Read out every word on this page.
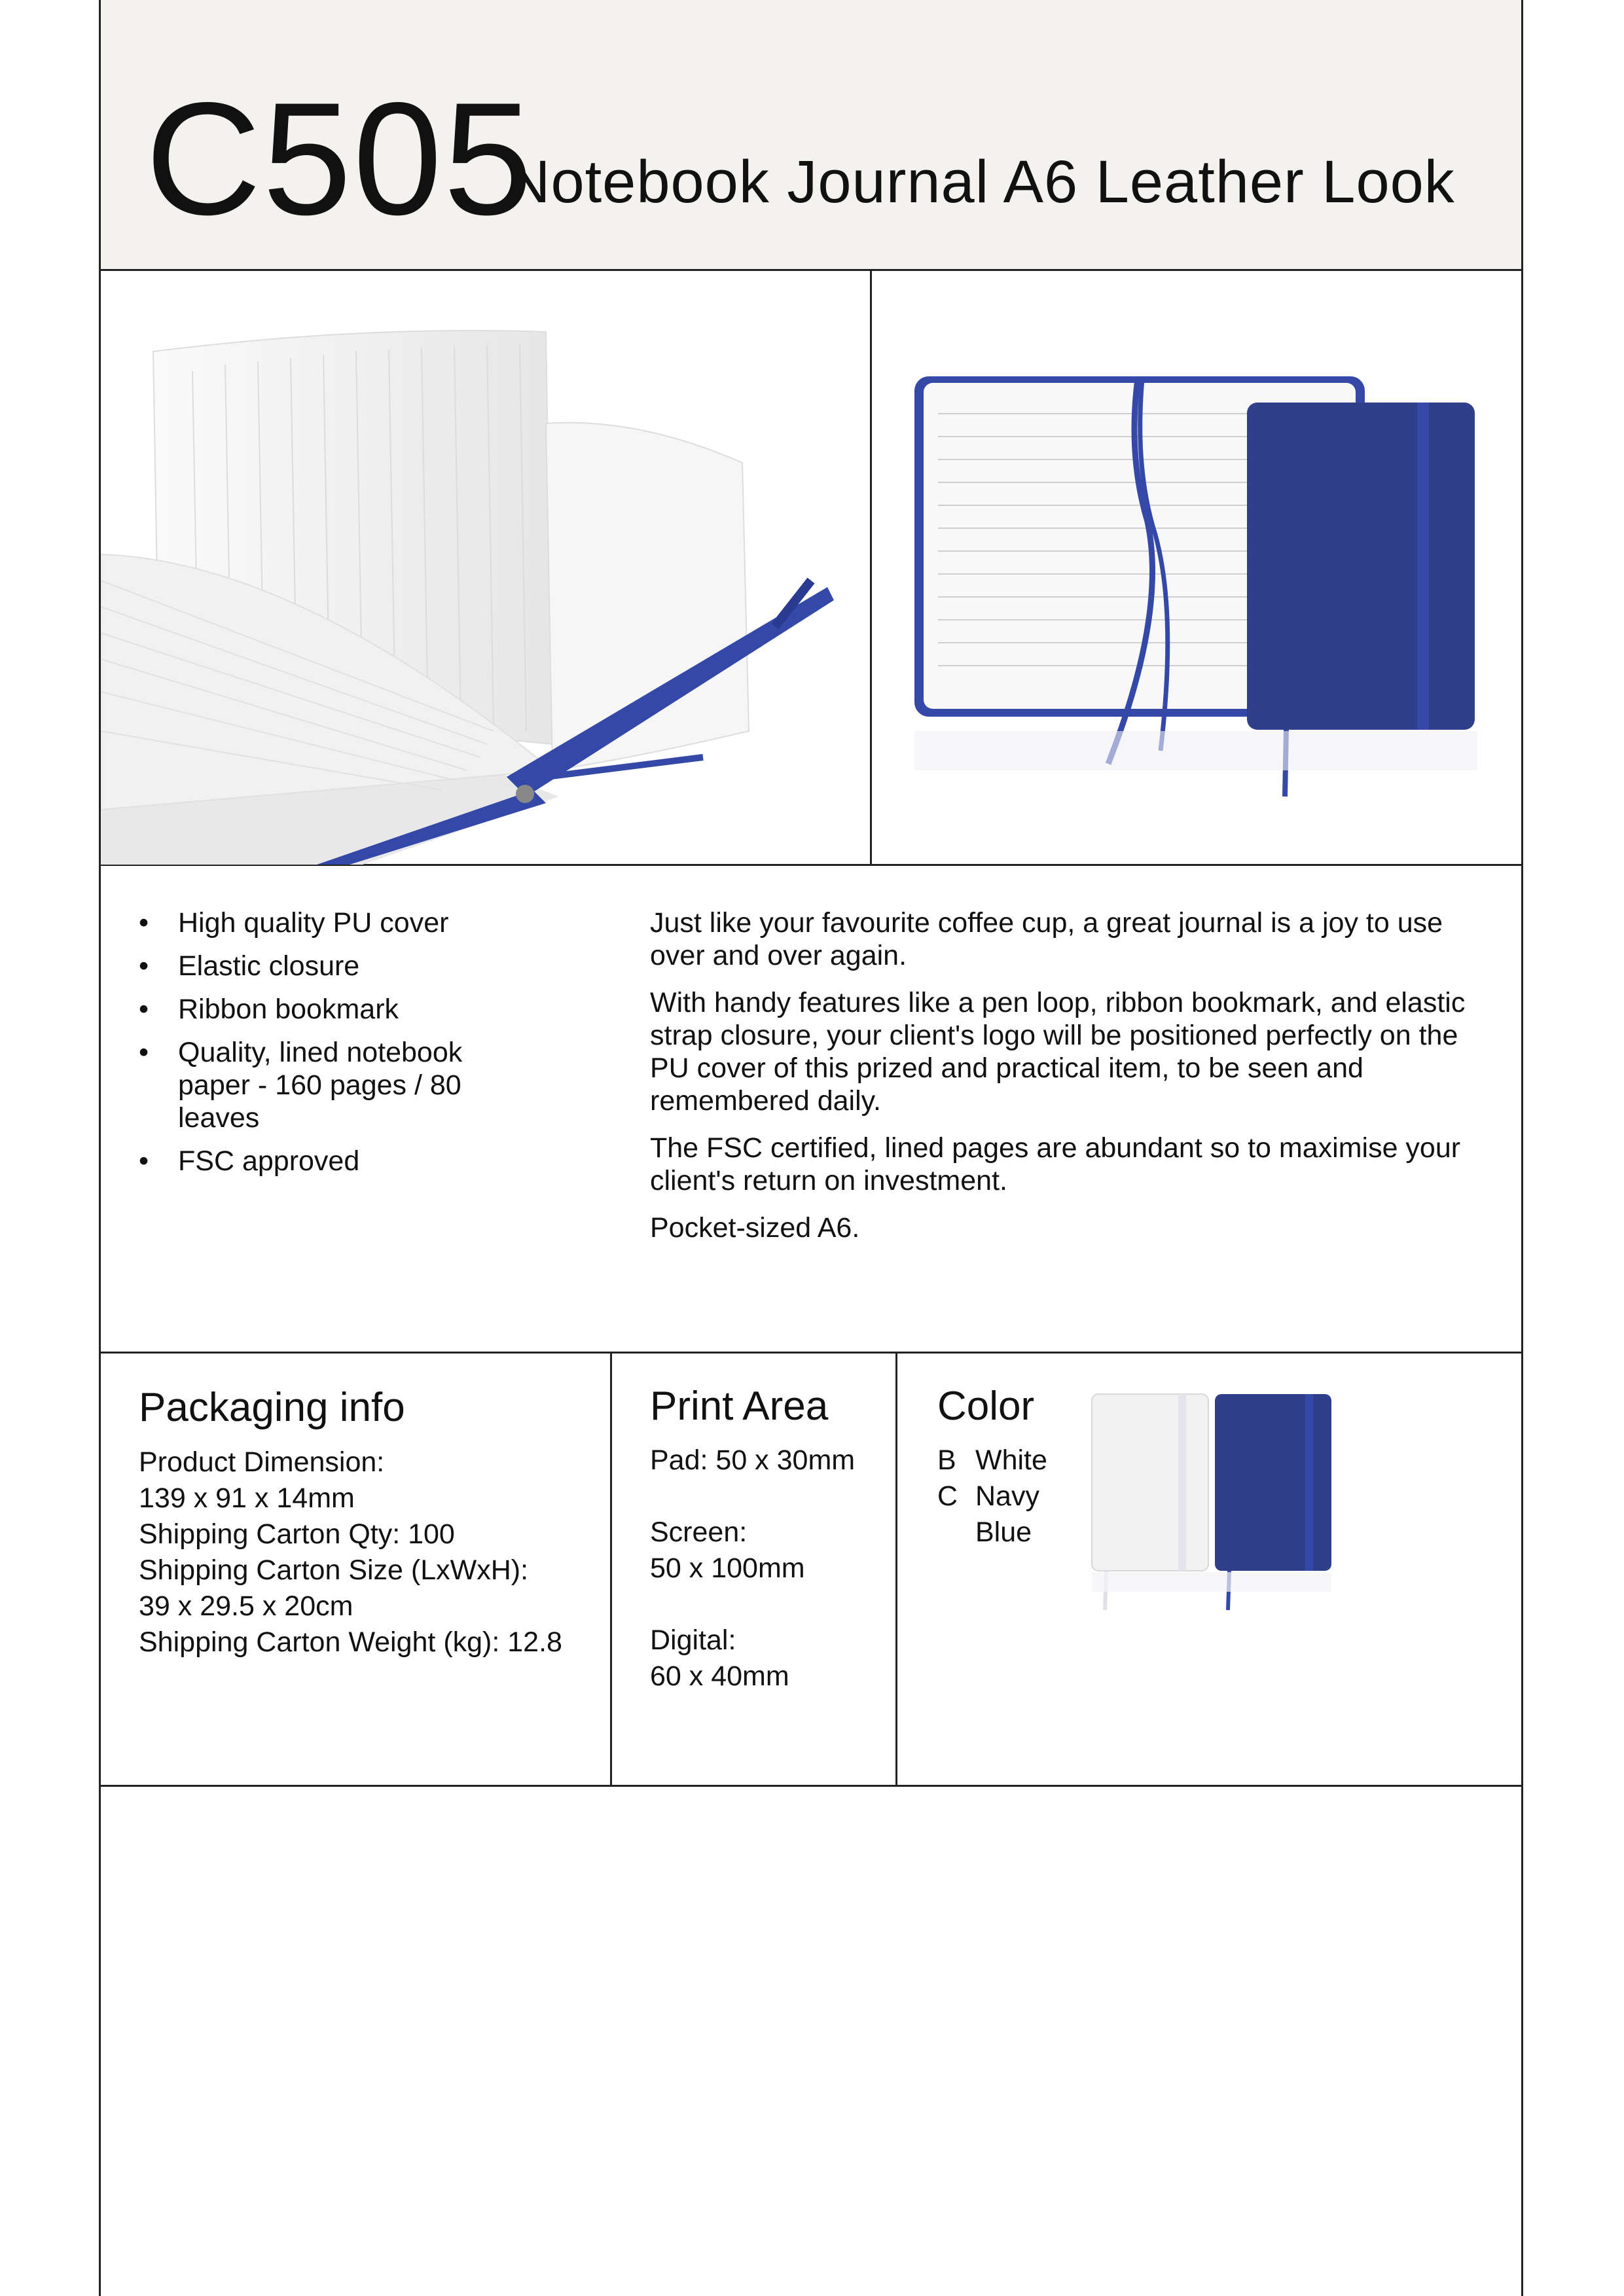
C505
Notebook Journal A6 Leather Look
• High quality PU cover
• Elastic closure
• Ribbon bookmark
• Quality, lined notebook paper - 160 pages / 80 leaves
• FSC approved

Just like your favourite coffee cup, a great journal is a joy to use over and over again.

With handy features like a pen loop, ribbon bookmark, and elastic strap closure, your client's logo will be positioned perfectly on the PU cover of this prized and practical item, to be seen and remembered daily.

The FSC certified, lined pages are abundant so to maximise your client's return on investment.

Pocket-sized A6.

Packaging info
Product Dimension:
139 x 91 x 14mm
Shipping Carton Qty: 100
Shipping Carton Size (LxWxH):
39 x 29.5 x 20cm
Shipping Carton Weight (kg): 12.8
Print Area
Pad: 50 x 30mm

Screen:
50 x 100mm

Digital:
60 x 40mm
Color
B White
C Navy Blue
